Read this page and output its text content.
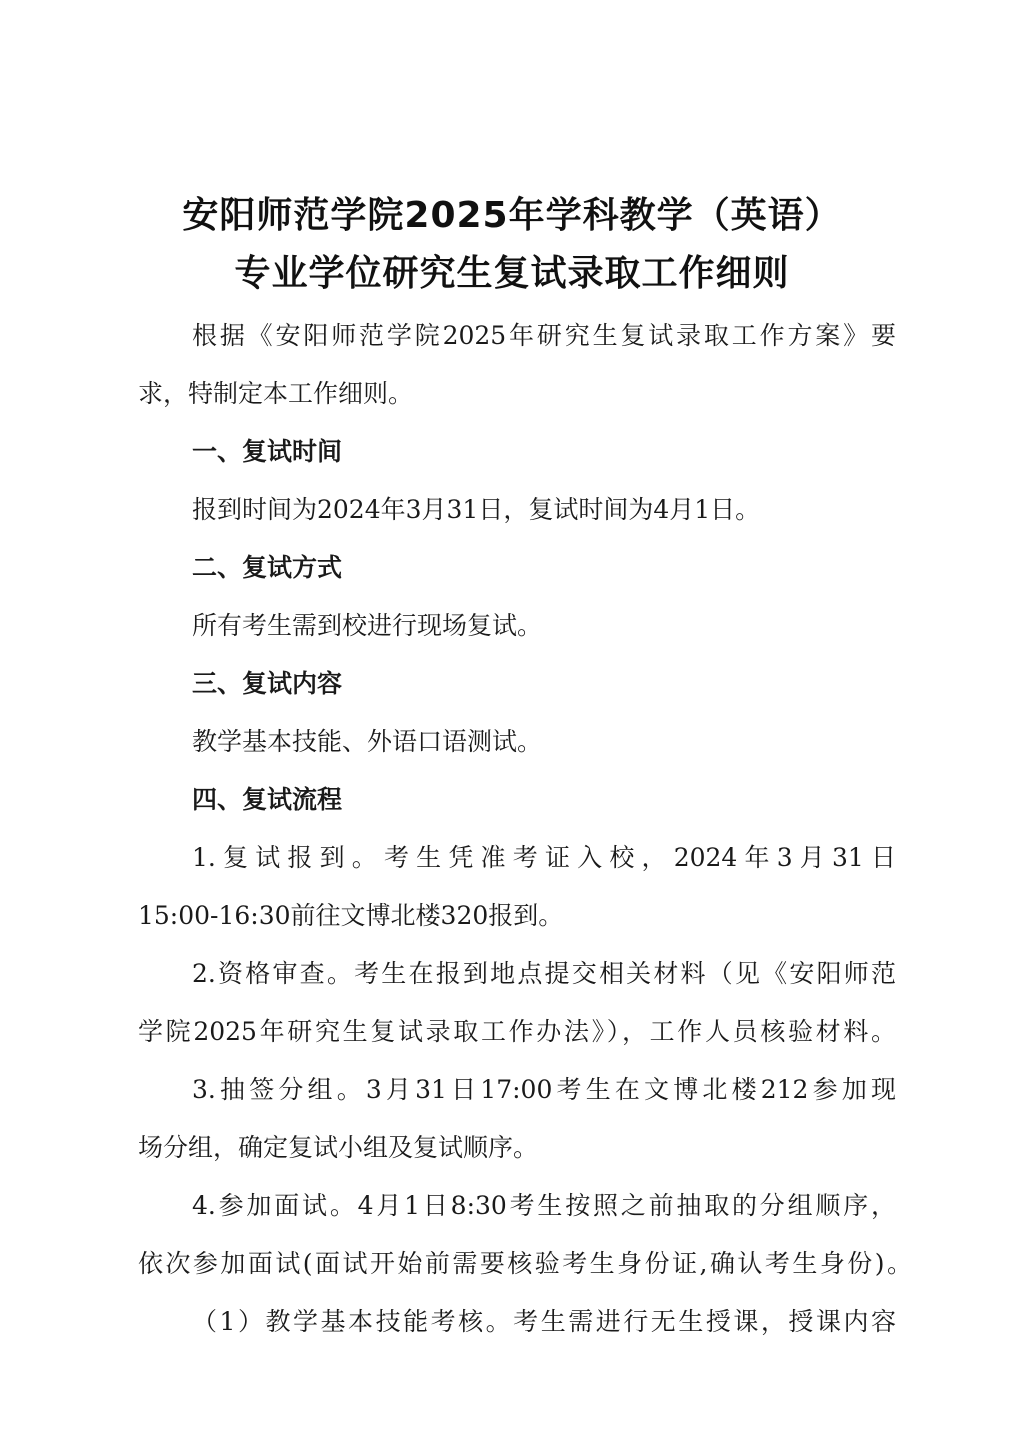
安阳师范学院2025年学科教学（英语）
专业学位研究生复试录取工作细则
根据《安阳师范学院2025年研究生复试录取工作方案》要
求，特制定本工作细则。
一、复试时间
报到时间为2024年3月31日，复试时间为4月1日。
二、复试方式
所有考生需到校进行现场复试。
三、复试内容
教学基本技能、外语口语测试。
四、复试流程
1.复试报到。考生凭准考证入校，2024年3月31日
15:00-16:30前往文博北楼320报到。
2.资格审查。考生在报到地点提交相关材料（见《安阳师范
学院2025年研究生复试录取工作办法》），工作人员核验材料。
3.抽签分组。3月31日17:00考生在文博北楼212参加现
场分组，确定复试小组及复试顺序。
4.参加面试。4月1日8:30考生按照之前抽取的分组顺序，
依次参加面试(面试开始前需要核验考生身份证,确认考生身份)。
（1）教学基本技能考核。考生需进行无生授课，授课内容
